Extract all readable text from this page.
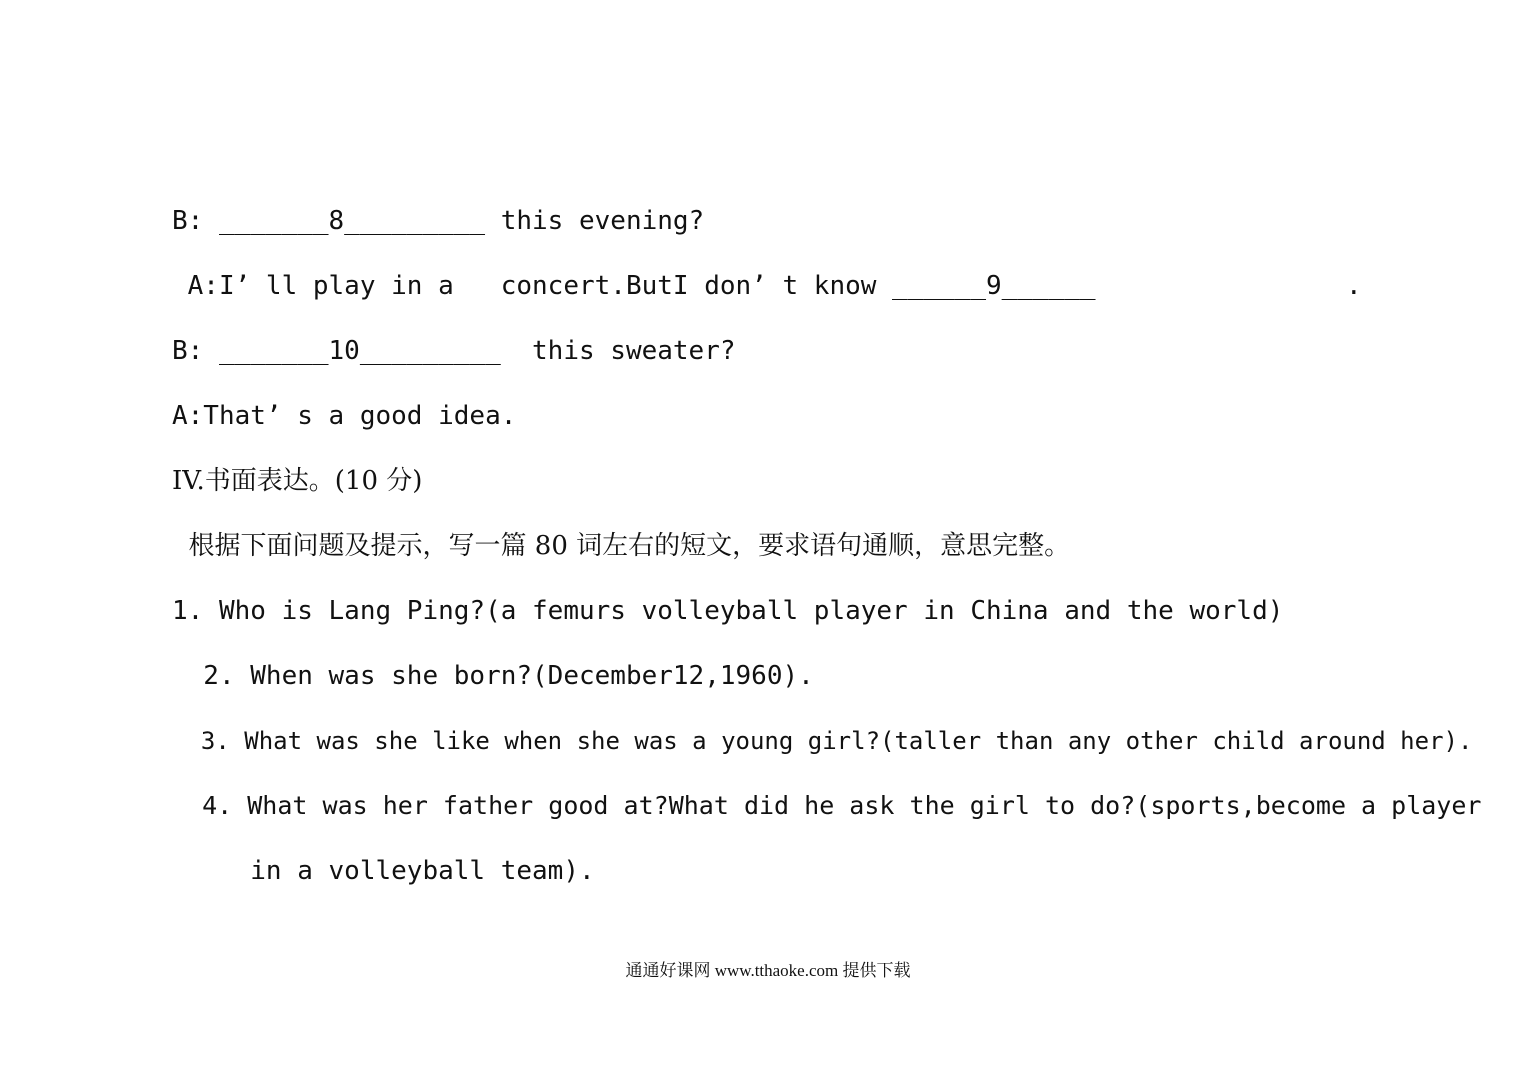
B: _______8_________ this evening?
A:I’ ll play in a   concert.ButI don’ t know ______9______                .
B: _______10_________  this sweater?
A:That’ s a good idea.
IV.书面表达。(10 分)
根据下面问题及提示，写一篇 80 词左右的短文，要求语句通顺，意思完整。
1. Who is Lang Ping?(a femurs volleyball player in China and the world)
2. When was she born?(December12,1960).
3. What was she like when she was a young girl?(taller than any other child around her).
4. What was her father good at?What did he ask the girl to do?(sports,become a player
in a volleyball team).
通通好课网 www.tthaoke.com 提供下载
